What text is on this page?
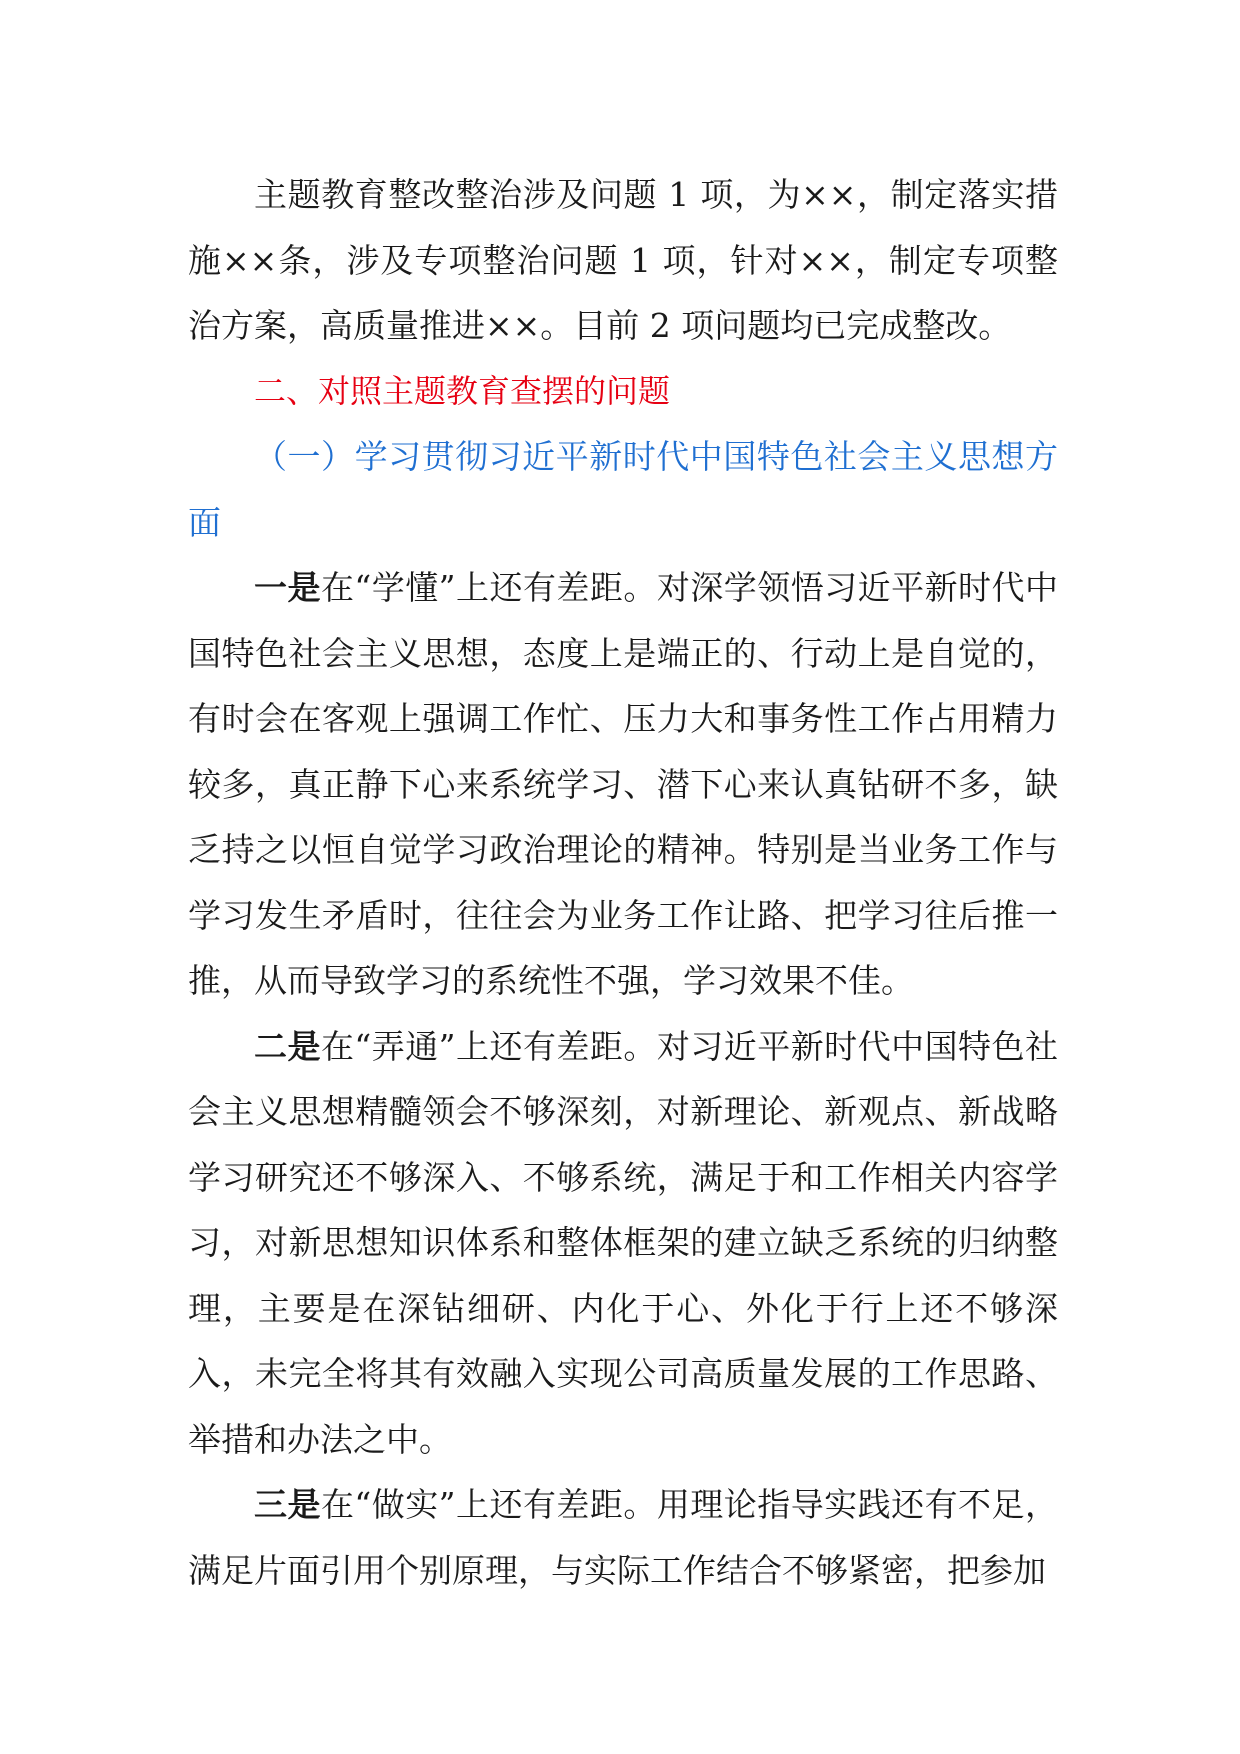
主题教育整改整治涉及问题 1 项，为××，制定落实措施××条，涉及专项整治问题 1 项，针对××，制定专项整治方案，高质量推进××。目前 2 项问题均已完成整改。

二、对照主题教育查摆的问题

（一）学习贯彻习近平新时代中国特色社会主义思想方面

一是在“学懂”上还有差距。对深学领悟习近平新时代中国特色社会主义思想，态度上是端正的、行动上是自觉的，有时会在客观上强调工作忙、压力大和事务性工作占用精力较多，真正静下心来系统学习、潜下心来认真钻研不多，缺乏持之以恒自觉学习政治理论的精神。特别是当业务工作与学习发生矛盾时，往往会为业务工作让路、把学习往后推一推，从而导致学习的系统性不强，学习效果不佳。

二是在“弄通”上还有差距。对习近平新时代中国特色社会主义思想精髓领会不够深刻，对新理论、新观点、新战略学习研究还不够深入、不够系统，满足于和工作相关内容学习，对新思想知识体系和整体框架的建立缺乏系统的归纳整理，主要是在深钻细研、内化于心、外化于行上还不够深入，未完全将其有效融入实现公司高质量发展的工作思路、举措和办法之中。

三是在“做实”上还有差距。用理论指导实践还有不足，满足片面引用个别原理，与实际工作结合不够紧密，把参加
